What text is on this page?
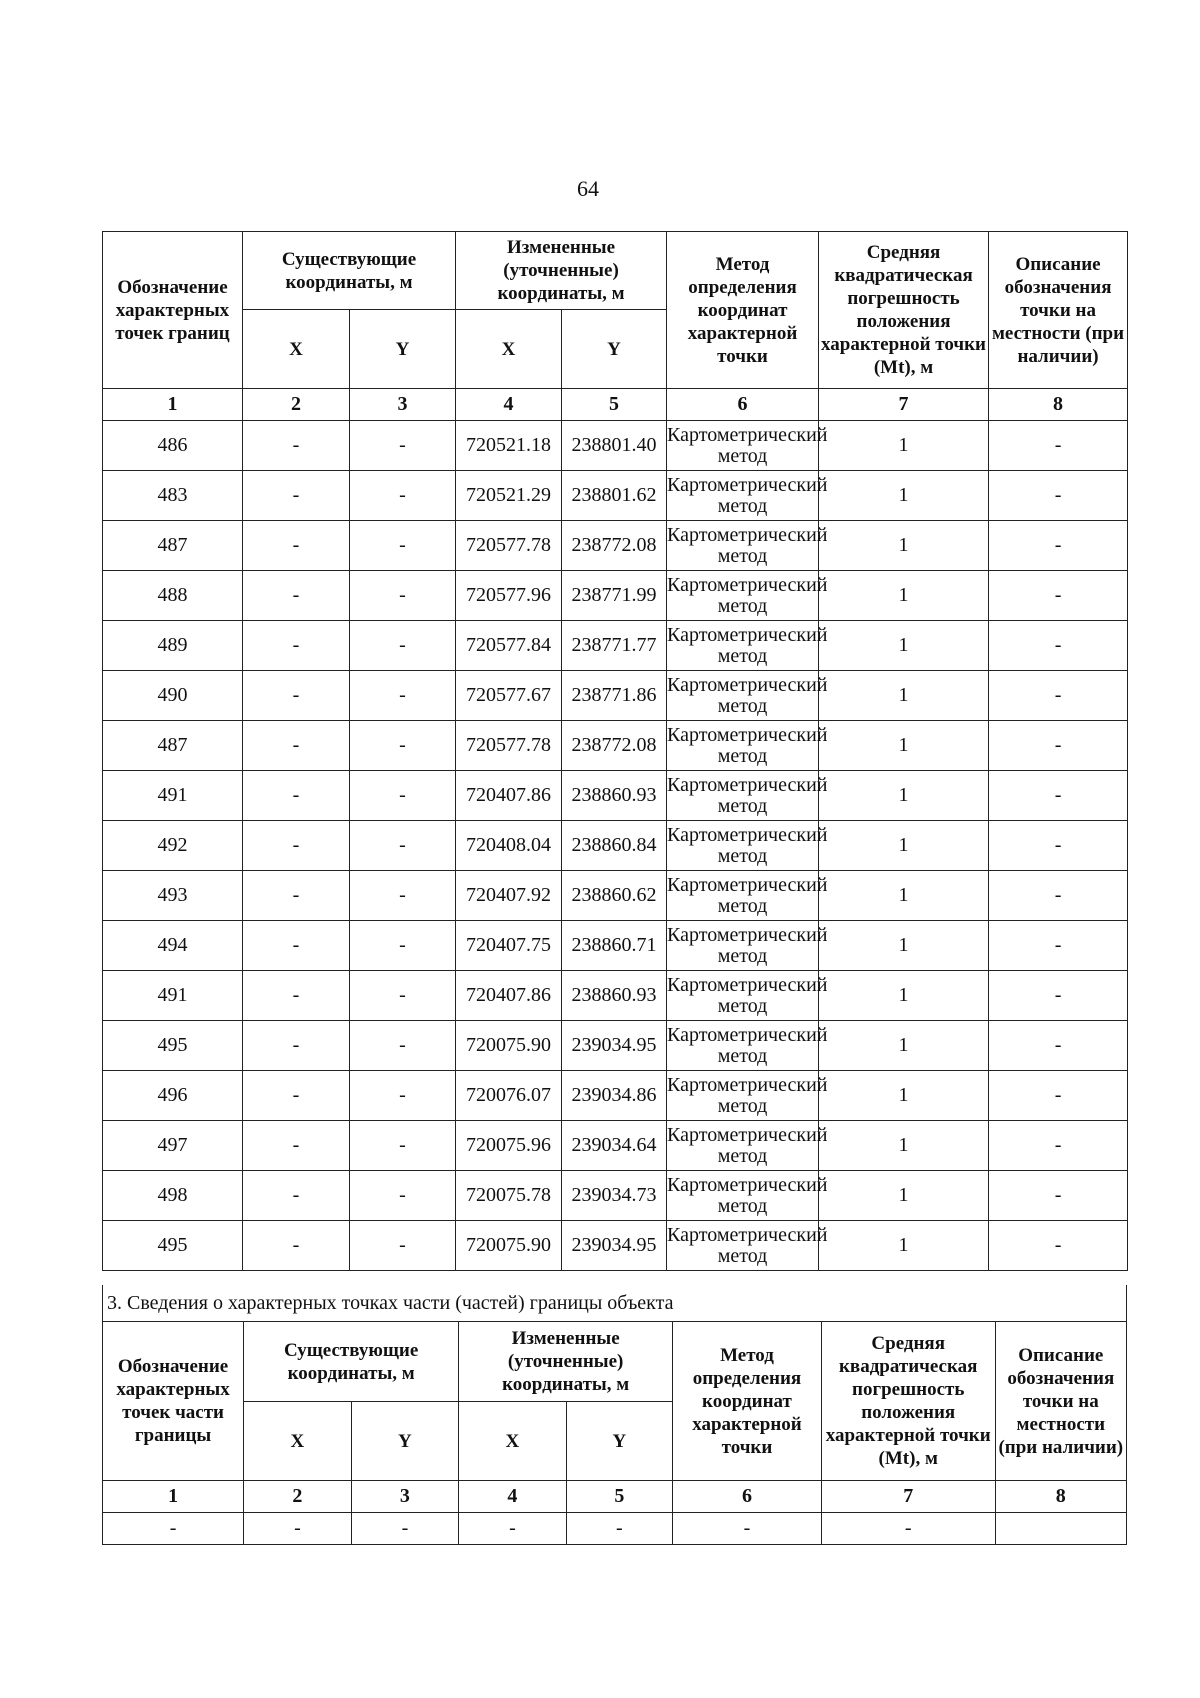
64
Обозначение характерных точек границ	Существующие координаты, м		Измененные (уточненные) координаты, м		Метод определения координат характерной точки	Средняя квадратическая погрешность положения характерной точки (Mt), м	Описание обозначения точки на местности (при наличии)
	X	Y	X	Y			
1	2	3	4	5	6	7	8
486	-	-	720521.18	238801.40	Картометрический метод	1	-
483	-	-	720521.29	238801.62	Картометрический метод	1	-
487	-	-	720577.78	238772.08	Картометрический метод	1	-
488	-	-	720577.96	238771.99	Картометрический метод	1	-
489	-	-	720577.84	238771.77	Картометрический метод	1	-
490	-	-	720577.67	238771.86	Картометрический метод	1	-
487	-	-	720577.78	238772.08	Картометрический метод	1	-
491	-	-	720407.86	238860.93	Картометрический метод	1	-
492	-	-	720408.04	238860.84	Картометрический метод	1	-
493	-	-	720407.92	238860.62	Картометрический метод	1	-
494	-	-	720407.75	238860.71	Картометрический метод	1	-
491	-	-	720407.86	238860.93	Картометрический метод	1	-
495	-	-	720075.90	239034.95	Картометрический метод	1	-
496	-	-	720076.07	239034.86	Картометрический метод	1	-
497	-	-	720075.96	239034.64	Картометрический метод	1	-
498	-	-	720075.78	239034.73	Картометрический метод	1	-
495	-	-	720075.90	239034.95	Картометрический метод	1	-
3. Сведения о характерных точках части (частей) границы объекта
Обозначение характерных точек части границы	Существующие координаты, м		Измененные (уточненные) координаты, м		Метод определения координат характерной точки	Средняя квадратическая погрешность положения характерной точки (Mt), м	Описание обозначения точки на местности (при наличии)
	X	Y	X	Y			
1	2	3	4	5	6	7	8
-	-	-	-	-	-	-	
